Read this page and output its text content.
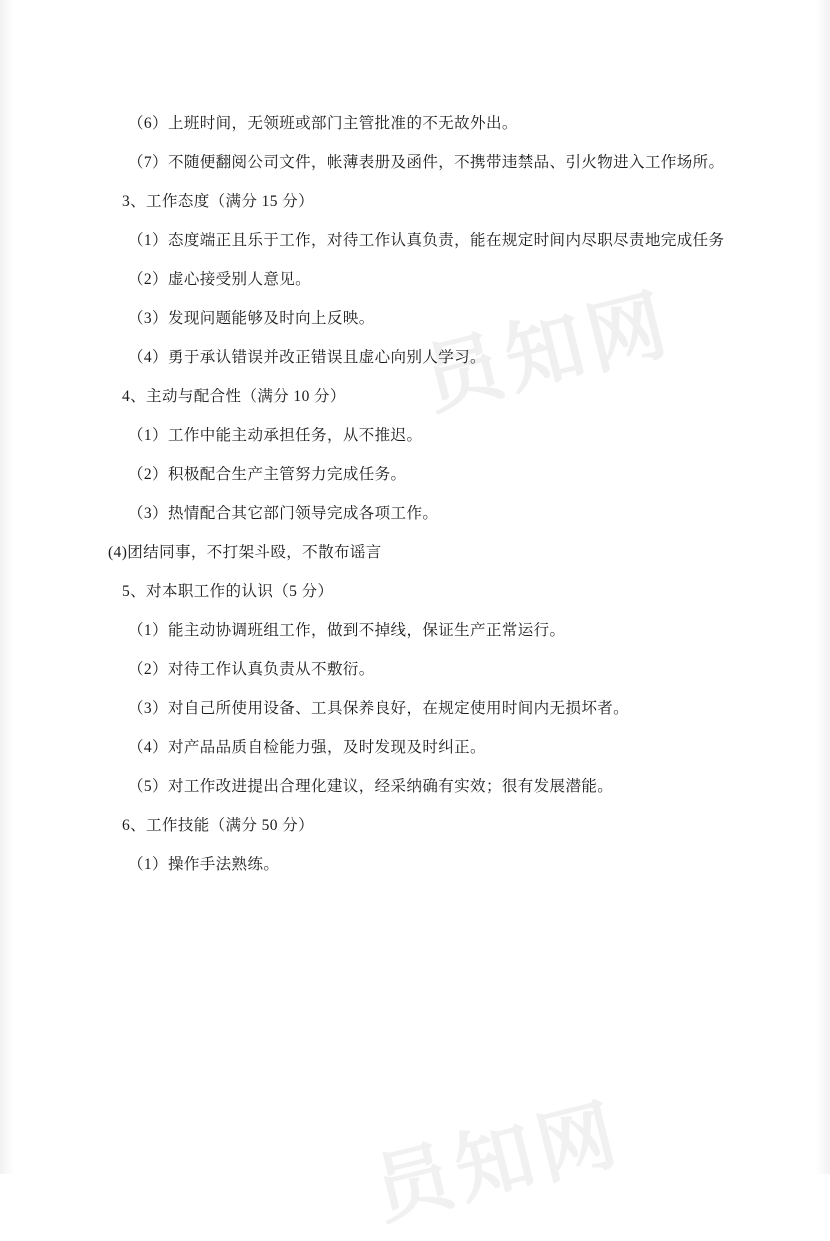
员知网
员知网

（6）上班时间，无领班或部门主管批准的不无故外出。

（7）不随便翻阅公司文件，帐薄表册及函件，不携带违禁品、引火物进入工作场所。

3、工作态度（满分 15 分）

（1）态度端正且乐于工作，对待工作认真负责，能在规定时间内尽职尽责地完成任务

（2）虚心接受别人意见。

（3）发现问题能够及时向上反映。

（4）勇于承认错误并改正错误且虚心向别人学习。

4、主动与配合性（满分 10 分）

（1）工作中能主动承担任务，从不推迟。

（2）积极配合生产主管努力完成任务。

（3）热情配合其它部门领导完成各项工作。

(4)团结同事，不打架斗殴，不散布谣言

5、对本职工作的认识（5 分）

（1）能主动协调班组工作，做到不掉线，保证生产正常运行。

（2）对待工作认真负责从不敷衍。

（3）对自己所使用设备、工具保养良好，在规定使用时间内无损坏者。

（4）对产品品质自检能力强，及时发现及时纠正。

（5）对工作改进提出合理化建议，经采纳确有实效；很有发展潜能。

6、工作技能（满分 50 分）

（1）操作手法熟练。
